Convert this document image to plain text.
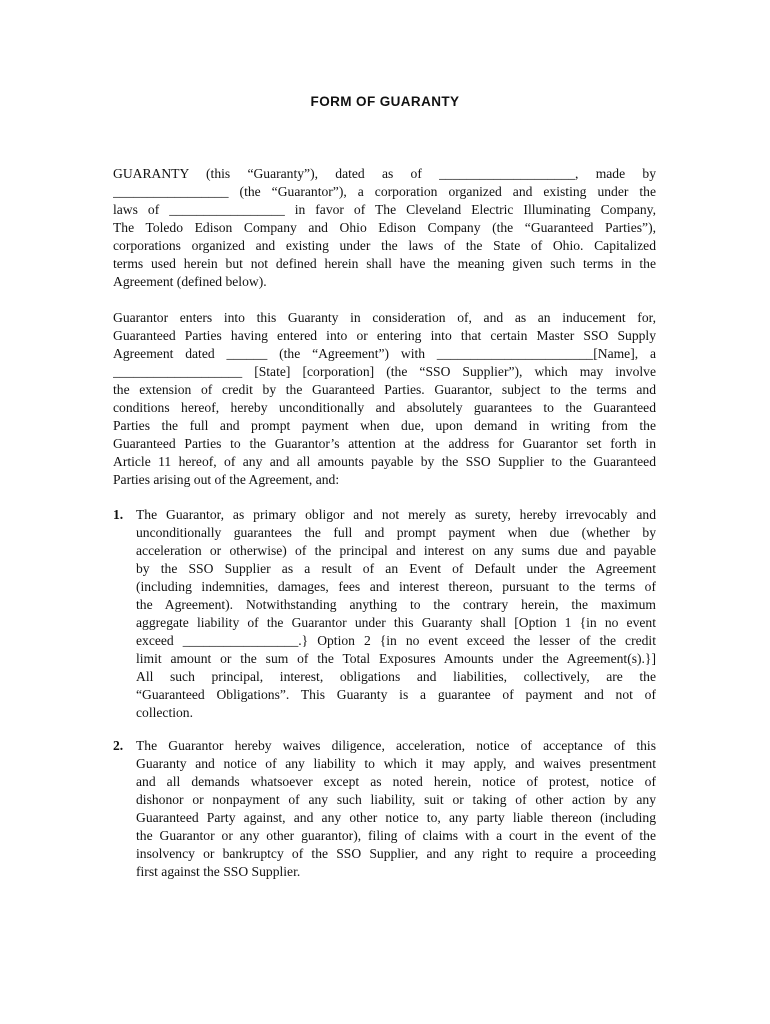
FORM OF GUARANTY
GUARANTY (this “Guaranty”), dated as of ____________________, made by
_________________ (the “Guarantor”), a corporation organized and existing under the
laws of _________________ in favor of The Cleveland Electric Illuminating Company,
The Toledo Edison Company and Ohio Edison Company (the “Guaranteed Parties”),
corporations organized and existing under the laws of the State of Ohio. Capitalized
terms used herein but not defined herein shall have the meaning given such terms in the
Agreement (defined below).
Guarantor enters into this Guaranty in consideration of, and as an inducement for,
Guaranteed Parties having entered into or entering into that certain Master SSO Supply
Agreement dated ______ (the “Agreement”) with _______________________[Name], a
___________________ [State] [corporation] (the “SSO Supplier”), which may involve
the extension of credit by the Guaranteed Parties. Guarantor, subject to the terms and
conditions hereof, hereby unconditionally and absolutely guarantees to the Guaranteed
Parties the full and prompt payment when due, upon demand in writing from the
Guaranteed Parties to the Guarantor’s attention at the address for Guarantor set forth in
Article 11 hereof, of any and all amounts payable by the SSO Supplier to the Guaranteed
Parties arising out of the Agreement, and:
1. The Guarantor, as primary obligor and not merely as surety, hereby irrevocably and
unconditionally guarantees the full and prompt payment when due (whether by
acceleration or otherwise) of the principal and interest on any sums due and payable
by the SSO Supplier as a result of an Event of Default under the Agreement
(including indemnities, damages, fees and interest thereon, pursuant to the terms of
the Agreement). Notwithstanding anything to the contrary herein, the maximum
aggregate liability of the Guarantor under this Guaranty shall [Option 1 {in no event
exceed _________________.} Option 2 {in no event exceed the lesser of the credit
limit amount or the sum of the Total Exposures Amounts under the Agreement(s).}]
All such principal, interest, obligations and liabilities, collectively, are the
“Guaranteed Obligations”. This Guaranty is a guarantee of payment and not of
collection.
2. The Guarantor hereby waives diligence, acceleration, notice of acceptance of this
Guaranty and notice of any liability to which it may apply, and waives presentment
and all demands whatsoever except as noted herein, notice of protest, notice of
dishonor or nonpayment of any such liability, suit or taking of other action by any
Guaranteed Party against, and any other notice to, any party liable thereon (including
the Guarantor or any other guarantor), filing of claims with a court in the event of the
insolvency or bankruptcy of the SSO Supplier, and any right to require a proceeding
first against the SSO Supplier.
